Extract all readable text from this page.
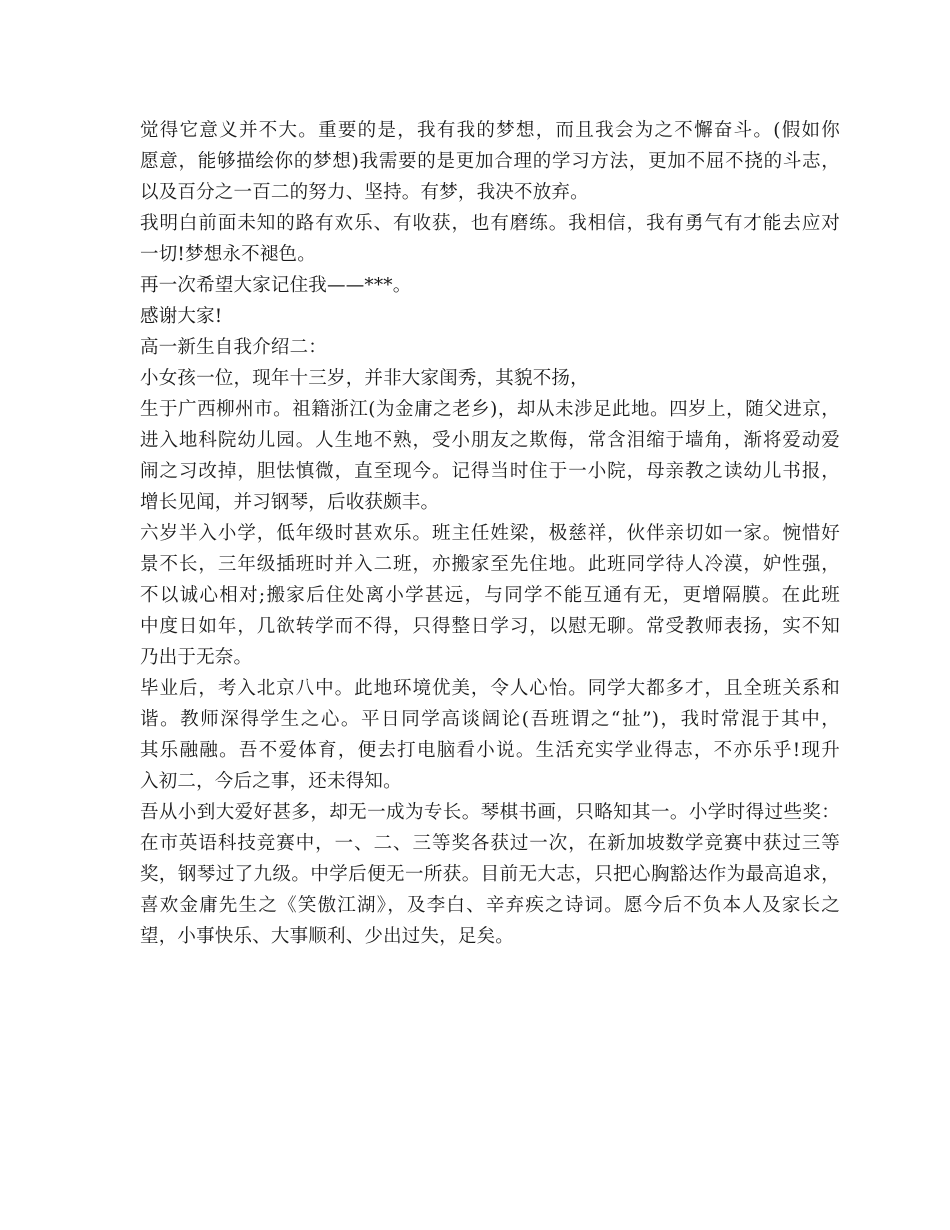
觉得它意义并不大。重要的是，我有我的梦想，而且我会为之不懈奋斗。(假如你
愿意，能够描绘你的梦想)我需要的是更加合理的学习方法，更加不屈不挠的斗志，
以及百分之一百二的努力、坚持。有梦，我决不放弃。
我明白前面未知的路有欢乐、有收获，也有磨练。我相信，我有勇气有才能去应对
一切!梦想永不褪色。
再一次希望大家记住我——***。
感谢大家!
高一新生自我介绍二：
小女孩一位，现年十三岁，并非大家闺秀，其貌不扬，
生于广西柳州市。祖籍浙江(为金庸之老乡)，却从未涉足此地。四岁上，随父进京，
进入地科院幼儿园。人生地不熟，受小朋友之欺侮，常含泪缩于墙角，渐将爱动爱
闹之习改掉，胆怯慎微，直至现今。记得当时住于一小院，母亲教之读幼儿书报，
增长见闻，并习钢琴，后收获颇丰。
六岁半入小学，低年级时甚欢乐。班主任姓梁，极慈祥，伙伴亲切如一家。惋惜好
景不长，三年级插班时并入二班，亦搬家至先住地。此班同学待人冷漠，妒性强，
不以诚心相对;搬家后住处离小学甚远，与同学不能互通有无，更增隔膜。在此班
中度日如年，几欲转学而不得，只得整日学习，以慰无聊。常受教师表扬，实不知
乃出于无奈。
毕业后，考入北京八中。此地环境优美，令人心怡。同学大都多才，且全班关系和
谐。教师深得学生之心。平日同学高谈阔论(吾班谓之“扯”)，我时常混于其中，
其乐融融。吾不爱体育，便去打电脑看小说。生活充实学业得志，不亦乐乎!现升
入初二，今后之事，还未得知。
吾从小到大爱好甚多，却无一成为专长。琴棋书画，只略知其一。小学时得过些奖：
在市英语科技竞赛中，一、二、三等奖各获过一次，在新加坡数学竞赛中获过三等
奖，钢琴过了九级。中学后便无一所获。目前无大志，只把心胸豁达作为最高追求，
喜欢金庸先生之《笑傲江湖》，及李白、辛弃疾之诗词。愿今后不负本人及家长之
望，小事快乐、大事顺利、少出过失，足矣。
